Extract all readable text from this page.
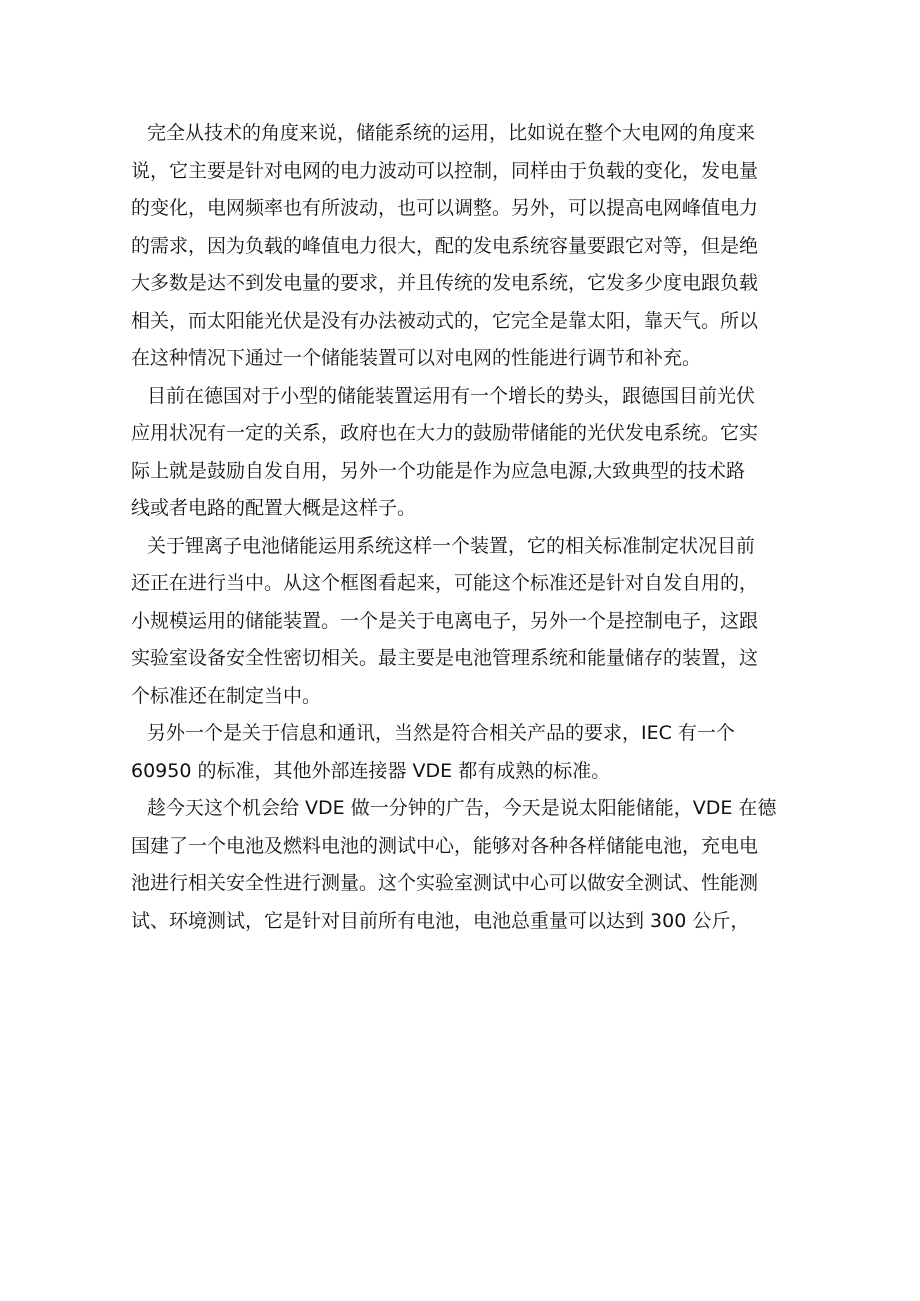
完全从技术的角度来说，储能系统的运用，比如说在整个大电网的角度来
说，它主要是针对电网的电力波动可以控制，同样由于负载的变化，发电量
的变化，电网频率也有所波动，也可以调整。另外，可以提高电网峰值电力
的需求，因为负载的峰值电力很大，配的发电系统容量要跟它对等，但是绝
大多数是达不到发电量的要求，并且传统的发电系统，它发多少度电跟负载
相关，而太阳能光伏是没有办法被动式的，它完全是靠太阳，靠天气。所以
在这种情况下通过一个储能装置可以对电网的性能进行调节和补充。

目前在德国对于小型的储能装置运用有一个增长的势头，跟德国目前光伏
应用状况有一定的关系，政府也在大力的鼓励带储能的光伏发电系统。它实
际上就是鼓励自发自用，另外一个功能是作为应急电源,大致典型的技术路
线或者电路的配置大概是这样子。

关于锂离子电池储能运用系统这样一个装置，它的相关标准制定状况目前
还正在进行当中。从这个框图看起来，可能这个标准还是针对自发自用的，
小规模运用的储能装置。一个是关于电离电子，另外一个是控制电子，这跟
实验室设备安全性密切相关。最主要是电池管理系统和能量储存的装置，这
个标准还在制定当中。

另外一个是关于信息和通讯，当然是符合相关产品的要求，IEC 有一个
60950 的标准，其他外部连接器 VDE 都有成熟的标准。

趁今天这个机会给 VDE 做一分钟的广告，今天是说太阳能储能，VDE 在德
国建了一个电池及燃料电池的测试中心，能够对各种各样储能电池，充电电
池进行相关安全性进行测量。这个实验室测试中心可以做安全测试、性能测
试、环境测试，它是针对目前所有电池，电池总重量可以达到 300 公斤，
